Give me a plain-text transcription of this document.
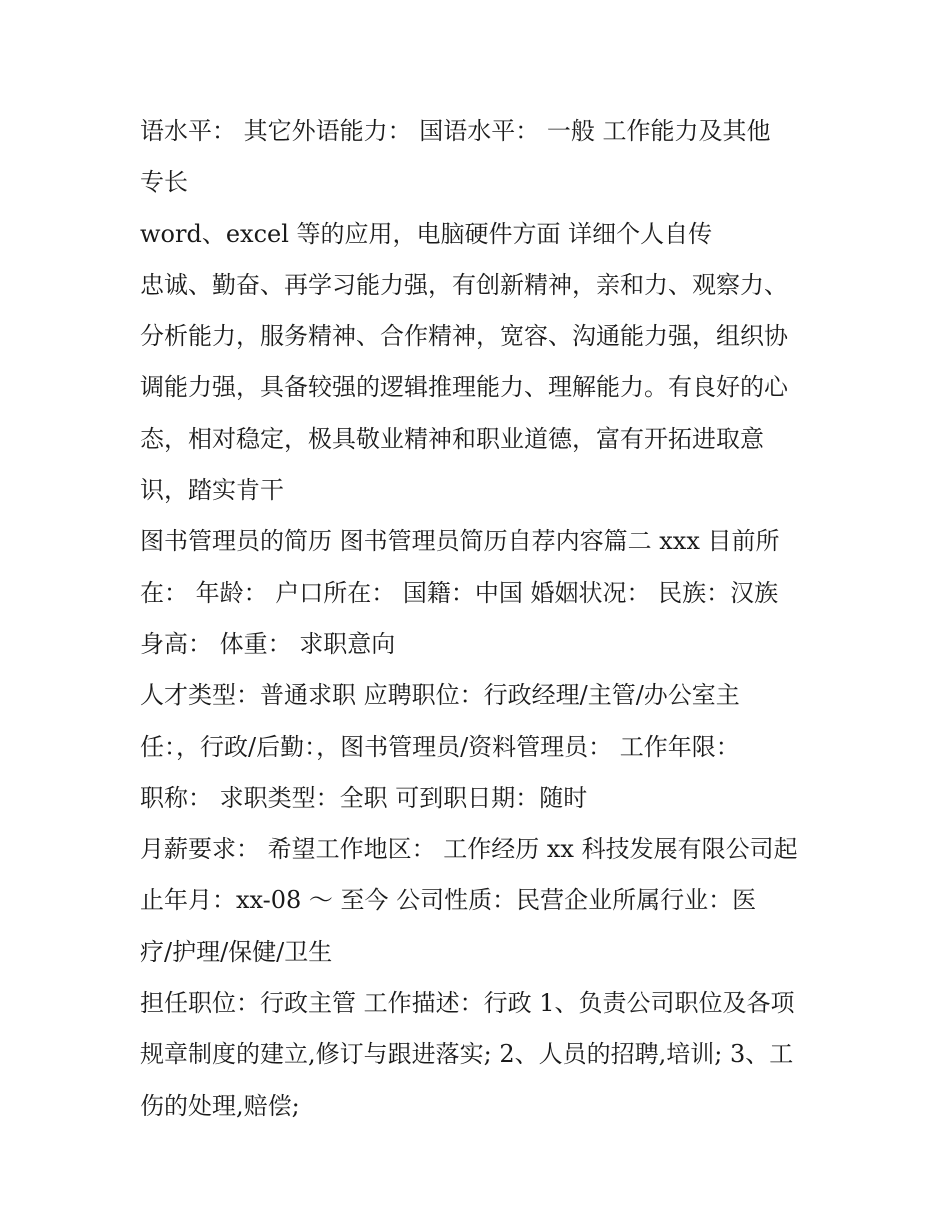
语水平： 其它外语能力： 国语水平： 一般 工作能力及其他
专长
word、excel 等的应用，电脑硬件方面 详细个人自传
忠诚、勤奋、再学习能力强，有创新精神，亲和力、观察力、
分析能力，服务精神、合作精神，宽容、沟通能力强，组织协
调能力强，具备较强的逻辑推理能力、理解能力。有良好的心
态，相对稳定，极具敬业精神和职业道德，富有开拓进取意
识，踏实肯干
图书管理员的简历 图书管理员简历自荐内容篇二 xxx 目前所
在： 年龄： 户口所在： 国籍：中国 婚姻状况： 民族：汉族
身高： 体重： 求职意向
人才类型：普通求职 应聘职位：行政经理/主管/办公室主
任：，行政/后勤：，图书管理员/资料管理员： 工作年限：
职称： 求职类型：全职 可到职日期：随时
月薪要求： 希望工作地区： 工作经历 xx 科技发展有限公司起
止年月：xx-08 ～ 至今 公司性质：民营企业所属行业：医
疗/护理/保健/卫生
担任职位：行政主管 工作描述：行政 1、负责公司职位及各项
规章制度的建立,修订与跟进落实; 2、人员的招聘,培训; 3、工
伤的处理,赔偿;
